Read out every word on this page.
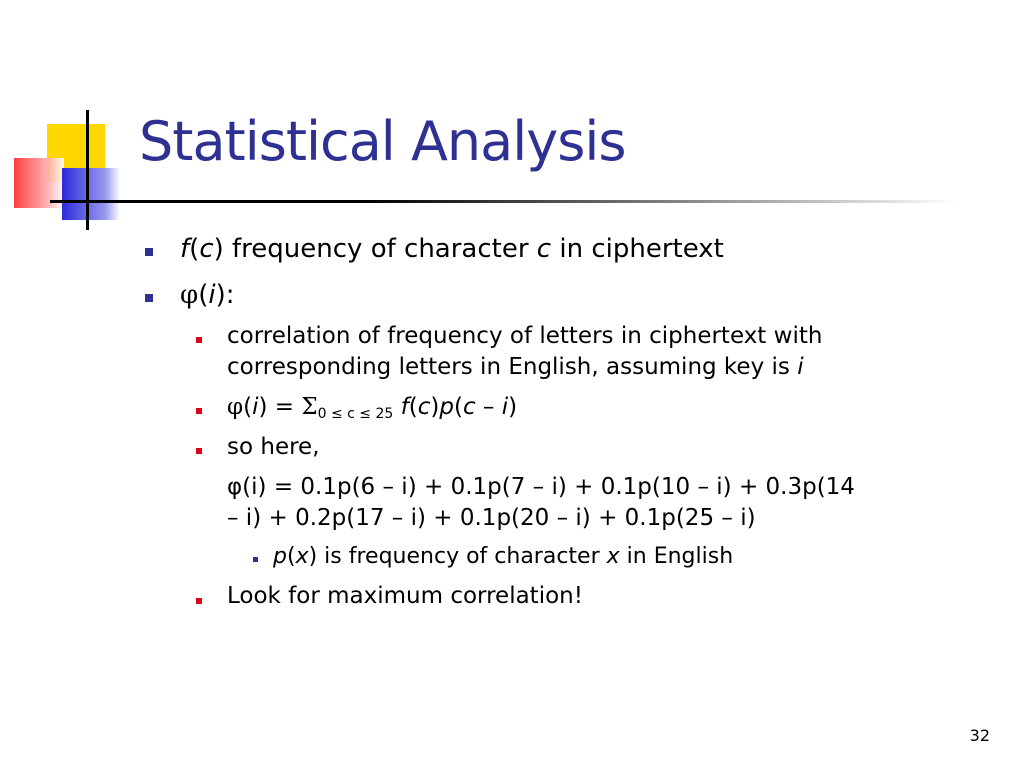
Statistical Analysis
f(c) frequency of character c in ciphertext
φ(i):
correlation of frequency of letters in ciphertext with
corresponding letters in English, assuming key is i
$\varphi(i) = \Sigma_{0 \le c \le 25}$ f(c)p(c – i)
so here,
φ(i) = 0.1p(6 – i) + 0.1p(7 – i) + 0.1p(10 – i) + 0.3p(14
– i) + 0.2p(17 – i) + 0.1p(20 – i) + 0.1p(25 – i)
p(x) is frequency of character x in English
Look for maximum correlation!
32
